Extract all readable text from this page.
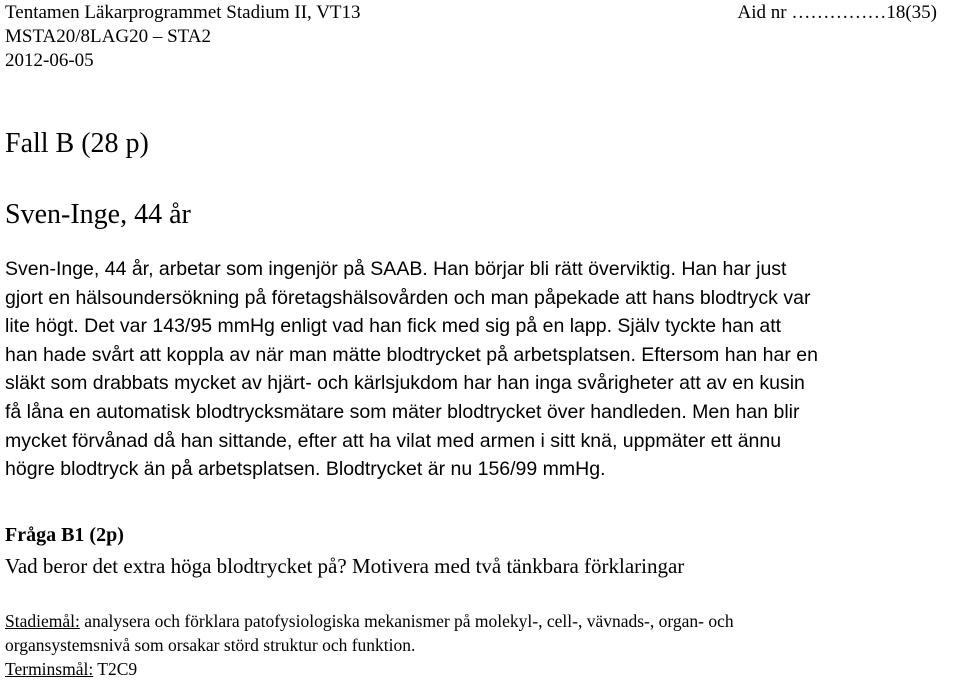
Tentamen Läkarprogrammet Stadium II, VT13
MSTA20/8LAG20 – STA2
2012-06-05
Aid nr ……………18(35)
Fall B (28 p)
Sven-Inge, 44 år
Sven-Inge, 44 år, arbetar som ingenjör på SAAB. Han börjar bli rätt överviktig. Han har just
gjort en hälsoundersökning på företagshälsovården och man påpekade att hans blodtryck var
lite högt. Det var 143/95 mmHg enligt vad han fick med sig på en lapp. Själv tyckte han att
han hade svårt att koppla av när man mätte blodtrycket på arbetsplatsen. Eftersom han har en
släkt som drabbats mycket av hjärt- och kärlsjukdom har han inga svårigheter att av en kusin
få låna en automatisk blodtrycksmätare som mäter blodtrycket över handleden. Men han blir
mycket förvånad då han sittande, efter att ha vilat med armen i sitt knä, uppmäter ett ännu
högre blodtryck än på arbetsplatsen. Blodtrycket är nu 156/99 mmHg.
Fråga B1 (2p)
Vad beror det extra höga blodtrycket på? Motivera med två tänkbara förklaringar
Stadiemål: analysera och förklara patofysiologiska mekanismer på molekyl-, cell-, vävnads-, organ- och
organsystemsnivå som orsakar störd struktur och funktion.
Terminsmål: T2C9
